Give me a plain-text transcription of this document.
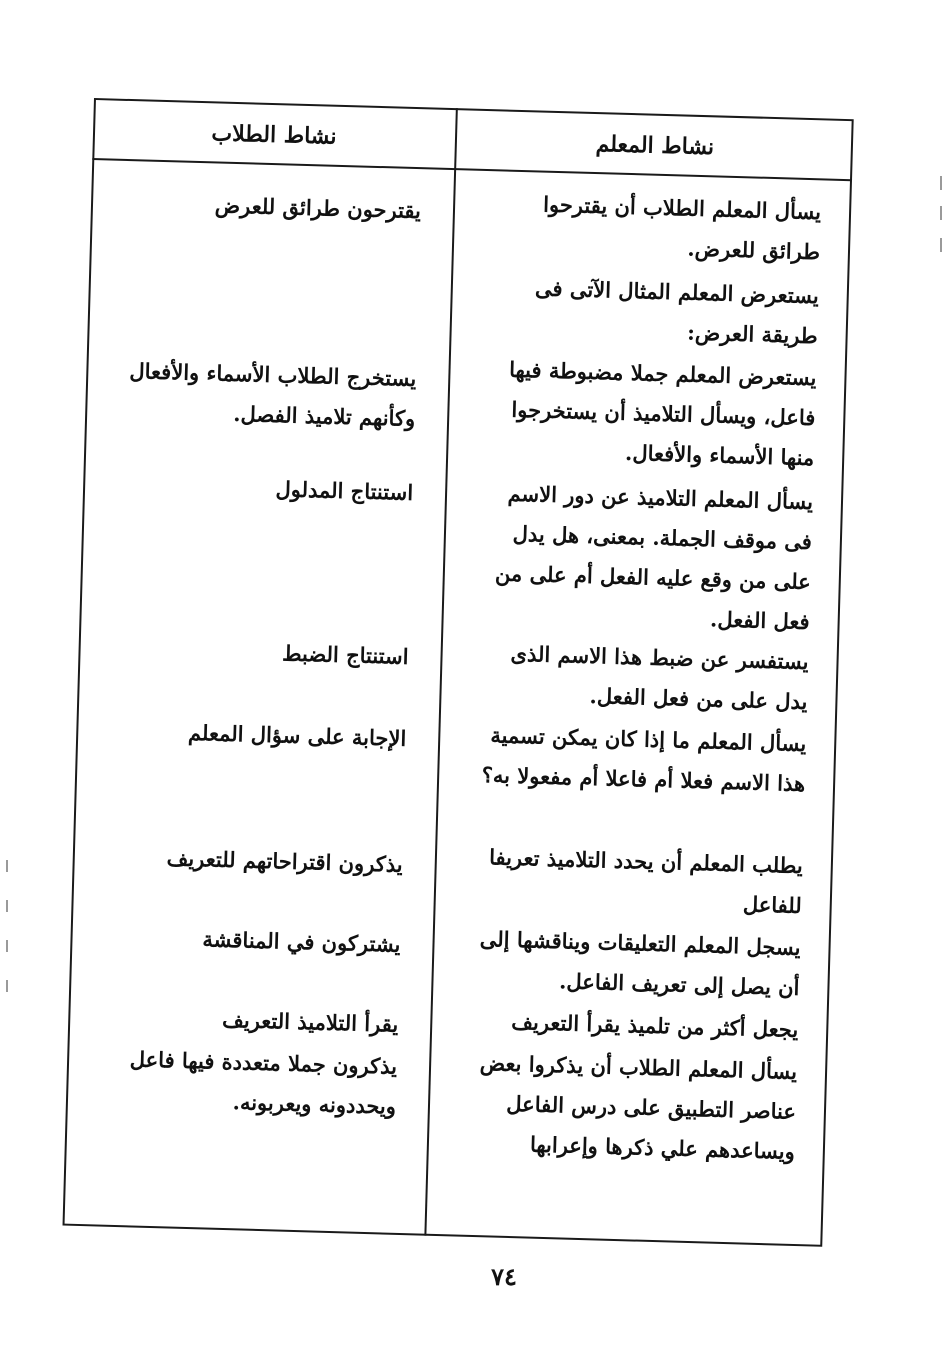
نشاط المعلم
نشاط الطلاب
يسأل المعلم الطلاب أن يقترحوا طرائق للعرض.
يستعرض المعلم المثال الآتى فى طريقة العرض:
يستعرض المعلم جملا مضبوطة فيها فاعل، ويسأل التلاميذ أن يستخرجوا منها الأسماء والأفعال.
يسأل المعلم التلاميذ عن دور الاسم فى موقف الجملة. بمعنى، هل يدل على من وقع عليه الفعل أم على من فعل الفعل.
يستفسر عن ضبط هذا الاسم الذى يدل على من فعل الفعل.
يسأل المعلم ما إذا كان يمكن تسمية هذا الاسم فعلا أم فاعلا أم مفعولا به؟
يطلب المعلم أن يحدد التلاميذ تعريفا للفاعل
يسجل المعلم التعليقات ويناقشها إلى أن يصل إلى تعريف الفاعل.
يجعل أكثر من تلميذ يقرأ التعريف
يسأل المعلم الطلاب أن يذكروا بعض عناصر التطبيق على درس الفاعل ويساعدهم علي ذكرها وإعرابها
يقترحون طرائق للعرض
يستخرج الطلاب الأسماء والأفعال وكأنهم تلاميذ الفصل.
استنتاج المدلول
استنتاج الضبط
الإجابة على سؤال المعلم
يذكرون اقتراحاتهم للتعريف
يشتركون في المناقشة
يقرأ التلاميذ التعريف
يذكرون جملا متعددة فيها فاعل ويحددونه ويعربونه.
٧٤
